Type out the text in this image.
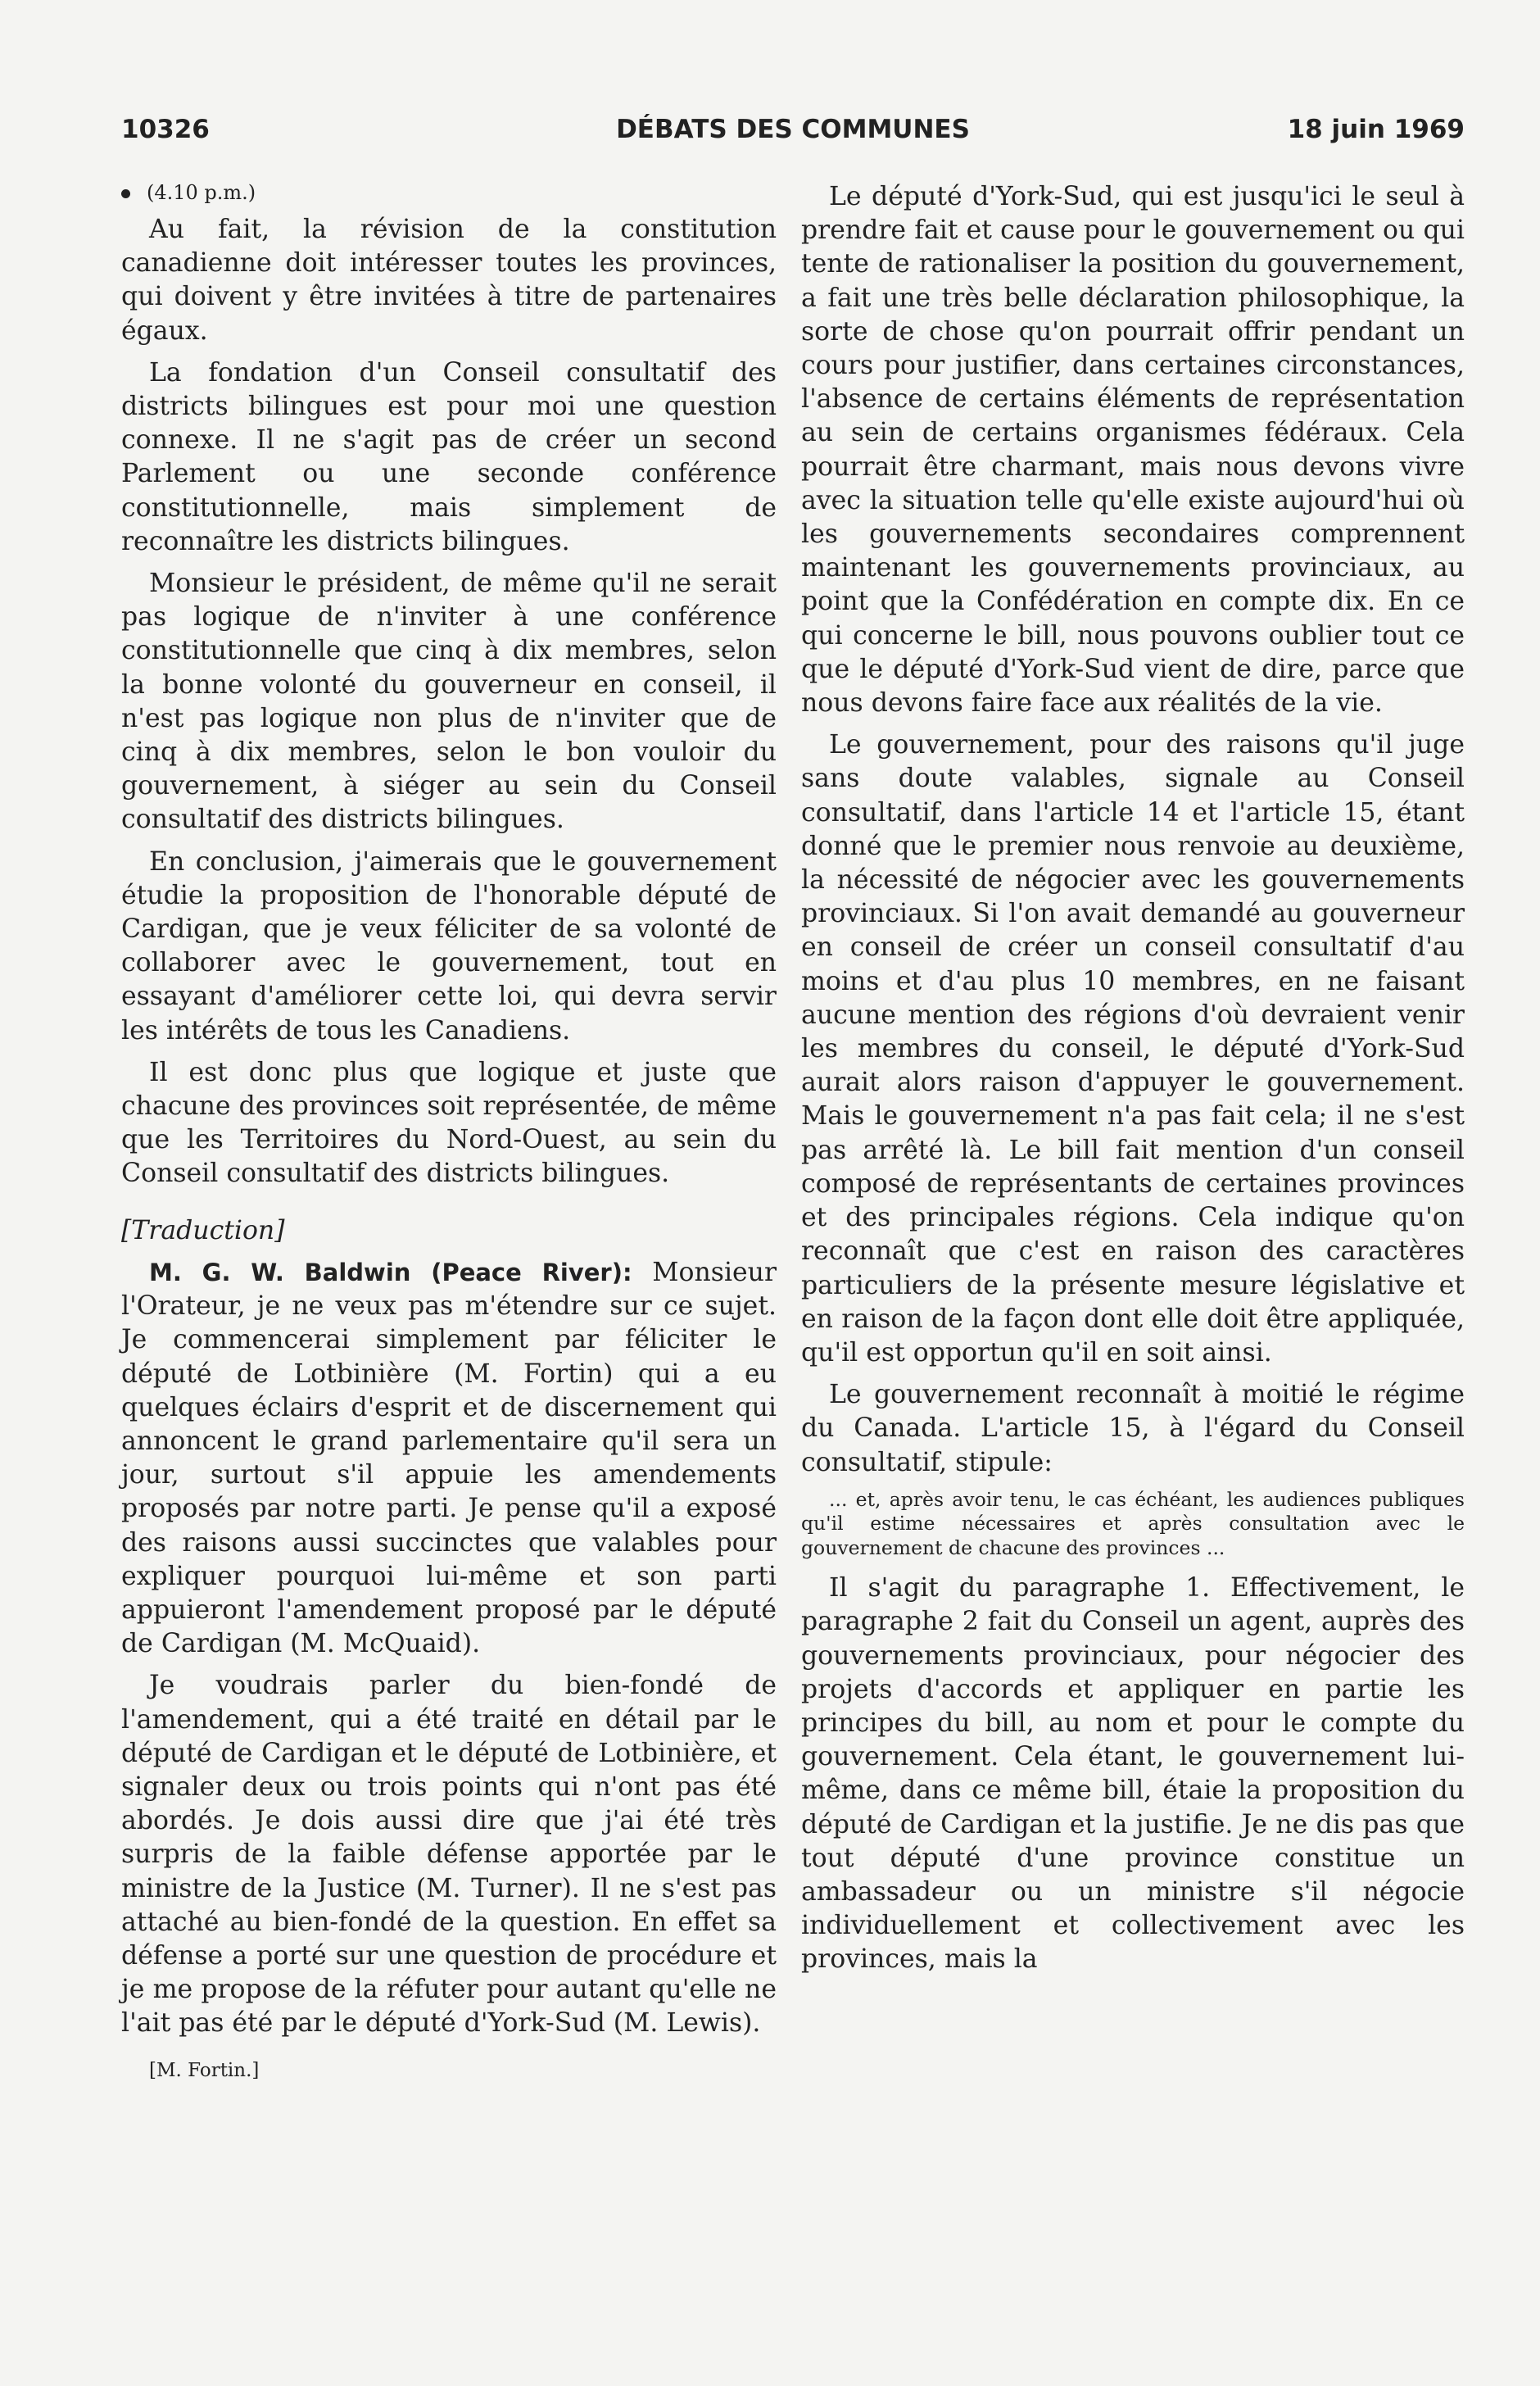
10326	DÉBATS DES COMMUNES	18 juin 1969

(4.10 p.m.)

Au fait, la révision de la constitution canadienne doit intéresser toutes les provinces, qui doivent y être invitées à titre de partenaires égaux.

La fondation d'un Conseil consultatif des districts bilingues est pour moi une question connexe. Il ne s'agit pas de créer un second Parlement ou une seconde conférence constitutionnelle, mais simplement de reconnaître les districts bilingues.

Monsieur le président, de même qu'il ne serait pas logique de n'inviter à une conférence constitutionnelle que cinq à dix membres, selon la bonne volonté du gouverneur en conseil, il n'est pas logique non plus de n'inviter que de cinq à dix membres, selon le bon vouloir du gouvernement, à siéger au sein du Conseil consultatif des districts bilingues.

En conclusion, j'aimerais que le gouvernement étudie la proposition de l'honorable député de Cardigan, que je veux féliciter de sa volonté de collaborer avec le gouvernement, tout en essayant d'améliorer cette loi, qui devra servir les intérêts de tous les Canadiens.

Il est donc plus que logique et juste que chacune des provinces soit représentée, de même que les Territoires du Nord-Ouest, au sein du Conseil consultatif des districts bilingues.

[Traduction]

M. G. W. Baldwin (Peace River): Monsieur l'Orateur, je ne veux pas m'étendre sur ce sujet. Je commencerai simplement par féliciter le député de Lotbinière (M. Fortin) qui a eu quelques éclairs d'esprit et de discernement qui annoncent le grand parlementaire qu'il sera un jour, surtout s'il appuie les amendements proposés par notre parti. Je pense qu'il a exposé des raisons aussi succinctes que valables pour expliquer pourquoi lui-même et son parti appuieront l'amendement proposé par le député de Cardigan (M. McQuaid).

Je voudrais parler du bien-fondé de l'amendement, qui a été traité en détail par le député de Cardigan et le député de Lotbinière, et signaler deux ou trois points qui n'ont pas été abordés. Je dois aussi dire que j'ai été très surpris de la faible défense apportée par le ministre de la Justice (M. Turner). Il ne s'est pas attaché au bien-fondé de la question. En effet sa défense a porté sur une question de procédure et je me propose de la réfuter pour autant qu'elle ne l'ait pas été par le député d'York-Sud (M. Lewis).

[M. Fortin.]

Le député d'York-Sud, qui est jusqu'ici le seul à prendre fait et cause pour le gouvernement ou qui tente de rationaliser la position du gouvernement, a fait une très belle déclaration philosophique, la sorte de chose qu'on pourrait offrir pendant un cours pour justifier, dans certaines circonstances, l'absence de certains éléments de représentation au sein de certains organismes fédéraux. Cela pourrait être charmant, mais nous devons vivre avec la situation telle qu'elle existe aujourd'hui où les gouvernements secondaires comprennent maintenant les gouvernements provinciaux, au point que la Confédération en compte dix. En ce qui concerne le bill, nous pouvons oublier tout ce que le député d'York-Sud vient de dire, parce que nous devons faire face aux réalités de la vie.

Le gouvernement, pour des raisons qu'il juge sans doute valables, signale au Conseil consultatif, dans l'article 14 et l'article 15, étant donné que le premier nous renvoie au deuxième, la nécessité de négocier avec les gouvernements provinciaux. Si l'on avait demandé au gouverneur en conseil de créer un conseil consultatif d'au moins et d'au plus 10 membres, en ne faisant aucune mention des régions d'où devraient venir les membres du conseil, le député d'York-Sud aurait alors raison d'appuyer le gouvernement. Mais le gouvernement n'a pas fait cela; il ne s'est pas arrêté là. Le bill fait mention d'un conseil composé de représentants de certaines provinces et des principales régions. Cela indique qu'on reconnaît que c'est en raison des caractères particuliers de la présente mesure législative et en raison de la façon dont elle doit être appliquée, qu'il est opportun qu'il en soit ainsi.

Le gouvernement reconnaît à moitié le régime du Canada. L'article 15, à l'égard du Conseil consultatif, stipule:

... et, après avoir tenu, le cas échéant, les audiences publiques qu'il estime nécessaires et après consultation avec le gouvernement de chacune des provinces ...

Il s'agit du paragraphe 1. Effectivement, le paragraphe 2 fait du Conseil un agent, auprès des gouvernements provinciaux, pour négocier des projets d'accords et appliquer en partie les principes du bill, au nom et pour le compte du gouvernement. Cela étant, le gouvernement lui-même, dans ce même bill, étaie la proposition du député de Cardigan et la justifie. Je ne dis pas que tout député d'une province constitue un ambassadeur ou un ministre s'il négocie individuellement et collectivement avec les provinces, mais la
